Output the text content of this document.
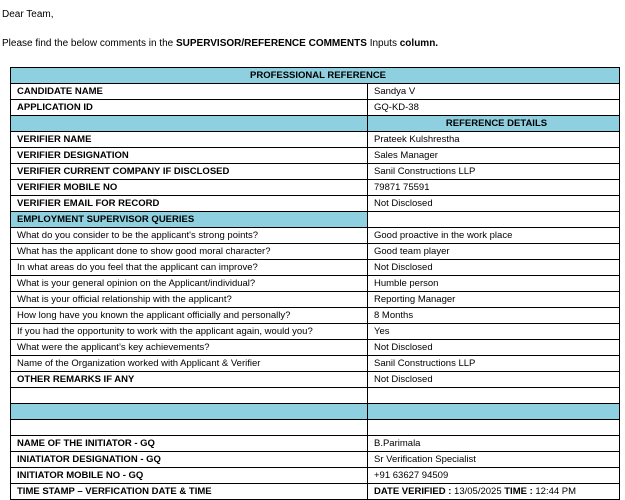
Dear Team,
Please find the below comments in the SUPERVISOR/REFERENCE COMMENTS Inputs column.
PROFESSIONAL REFERENCE	
CANDIDATE NAME	Sandya V
APPLICATION ID	GQ-KD-38
	REFERENCE DETAILS
VERIFIER NAME	Prateek Kulshrestha
VERIFIER DESIGNATION	Sales Manager
VERIFIER CURRENT COMPANY IF DISCLOSED	Sanil Constructions LLP
VERIFIER MOBILE NO	79871 75591
VERIFIER EMAIL FOR RECORD	Not Disclosed
EMPLOYMENT SUPERVISOR QUERIES	
What do you consider to be the applicant's strong points?	Good proactive in the work place
What has the applicant done to show good moral character?	Good team player
In what areas do you feel that the applicant can improve?	Not Disclosed
What is your general opinion on the Applicant/individual?	Humble person
What is your official relationship with the applicant?	Reporting Manager
How long have you known the applicant officially and personally?	8 Months
If you had the opportunity to work with the applicant again, would you?	Yes
What were the applicant’s key achievements?	Not Disclosed
Name of the Organization worked with Applicant & Verifier	Sanil Constructions LLP
OTHER REMARKS IF ANY	Not Disclosed

NAME OF THE INITIATOR - GQ	B.Parimala
INIATIATOR DESIGNATION - GQ	Sr Verification Specialist
INITIATOR MOBILE NO - GQ	+91 63627 94509
TIME STAMP – VERFICATION DATE & TIME	DATE VERIFIED : 13/05/2025 TIME : 12:44 PM
